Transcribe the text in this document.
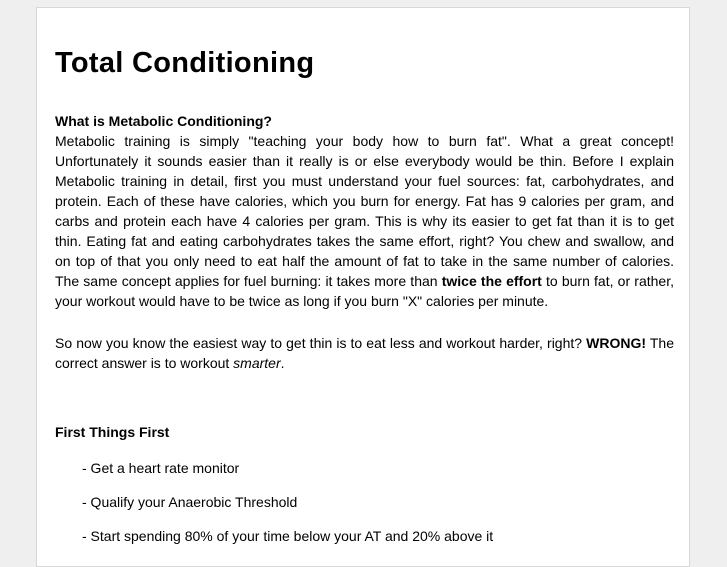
Total Conditioning
What is Metabolic Conditioning?

Metabolic training is simply "teaching your body how to burn fat". What a great concept! Unfortunately it sounds easier than it really is or else everybody would be thin. Before I explain Metabolic training in detail, first you must understand your fuel sources: fat, carbohydrates, and protein. Each of these have calories, which you burn for energy. Fat has 9 calories per gram, and carbs and protein each have 4 calories per gram. This is why its easier to get fat than it is to get thin. Eating fat and eating carbohydrates takes the same effort, right? You chew and swallow, and on top of that you only need to eat half the amount of fat to take in the same number of calories. The same concept applies for fuel burning: it takes more than twice the effort to burn fat, or rather, your workout would have to be twice as long if you burn "X" calories per minute.

So now you know the easiest way to get thin is to eat less and workout harder, right? WRONG! The correct answer is to workout smarter.

First Things First
- Get a heart rate monitor
- Qualify your Anaerobic Threshold
- Start spending 80% of your time below your AT and 20% above it
